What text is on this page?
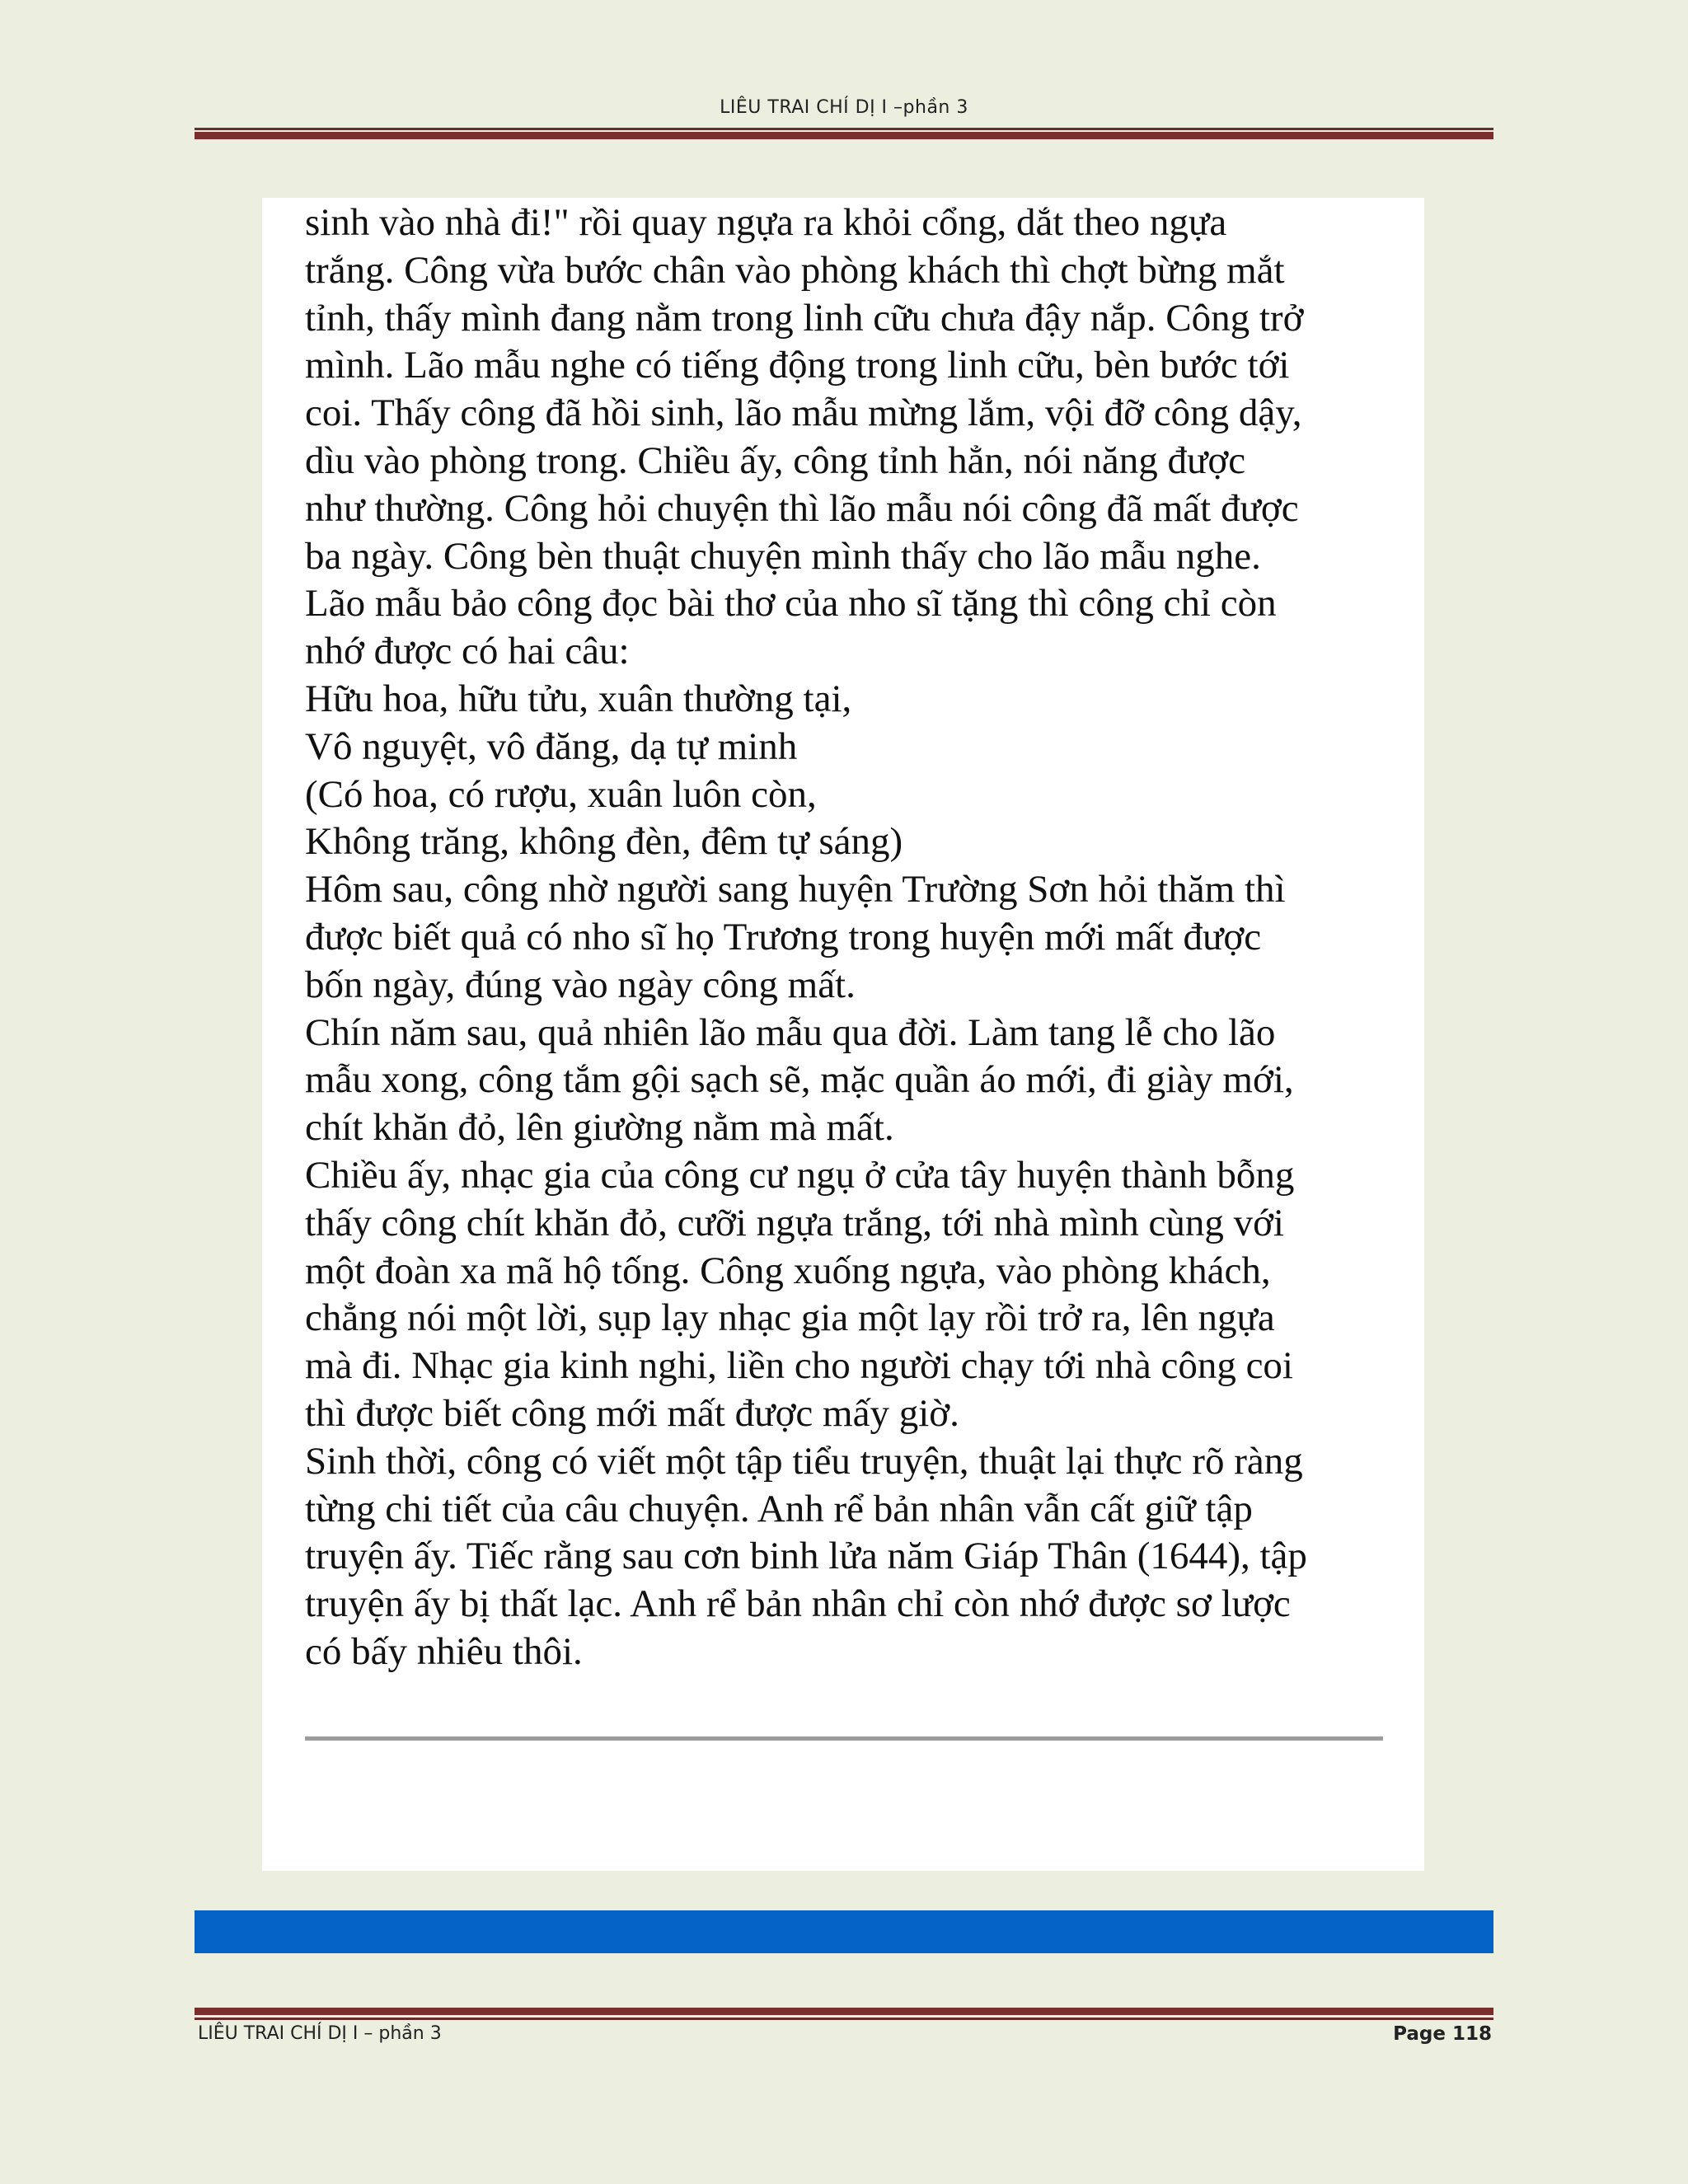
LIÊU TRAI CHÍ DỊ I –phần 3
sinh vào nhà đi!" rồi quay ngựa ra khỏi cổng, dắt theo ngựa
trắng. Công vừa bước chân vào phòng khách thì chợt bừng mắt
tỉnh, thấy mình đang nằm trong linh cữu chưa đậy nắp. Công trở
mình. Lão mẫu nghe có tiếng động trong linh cữu, bèn bước tới
coi. Thấy công đã hồi sinh, lão mẫu mừng lắm, vội đỡ công dậy,
dìu vào phòng trong. Chiều ấy, công tỉnh hẳn, nói năng được
như thường. Công hỏi chuyện thì lão mẫu nói công đã mất được
ba ngày. Công bèn thuật chuyện mình thấy cho lão mẫu nghe.
Lão mẫu bảo công đọc bài thơ của nho sĩ tặng thì công chỉ còn
nhớ được có hai câu:
Hữu hoa, hữu tửu, xuân thường tại,
Vô nguyệt, vô đăng, dạ tự minh
(Có hoa, có rượu, xuân luôn còn,
Không trăng, không đèn, đêm tự sáng)
Hôm sau, công nhờ người sang huyện Trường Sơn hỏi thăm thì
được biết quả có nho sĩ họ Trương trong huyện mới mất được
bốn ngày, đúng vào ngày công mất.
Chín năm sau, quả nhiên lão mẫu qua đời. Làm tang lễ cho lão
mẫu xong, công tắm gội sạch sẽ, mặc quần áo mới, đi giày mới,
chít khăn đỏ, lên giường nằm mà mất.
Chiều ấy, nhạc gia của công cư ngụ ở cửa tây huyện thành bỗng
thấy công chít khăn đỏ, cưỡi ngựa trắng, tới nhà mình cùng với
một đoàn xa mã hộ tống. Công xuống ngựa, vào phòng khách,
chẳng nói một lời, sụp lạy nhạc gia một lạy rồi trở ra, lên ngựa
mà đi. Nhạc gia kinh nghi, liền cho người chạy tới nhà công coi
thì được biết công mới mất được mấy giờ.
Sinh thời, công có viết một tập tiểu truyện, thuật lại thực rõ ràng
từng chi tiết của câu chuyện. Anh rể bản nhân vẫn cất giữ tập
truyện ấy. Tiếc rằng sau cơn binh lửa năm Giáp Thân (1644), tập
truyện ấy bị thất lạc. Anh rể bản nhân chỉ còn nhớ được sơ lược
có bấy nhiêu thôi.
LIÊU TRAI CHÍ DỊ I – phần 3	Page 118
